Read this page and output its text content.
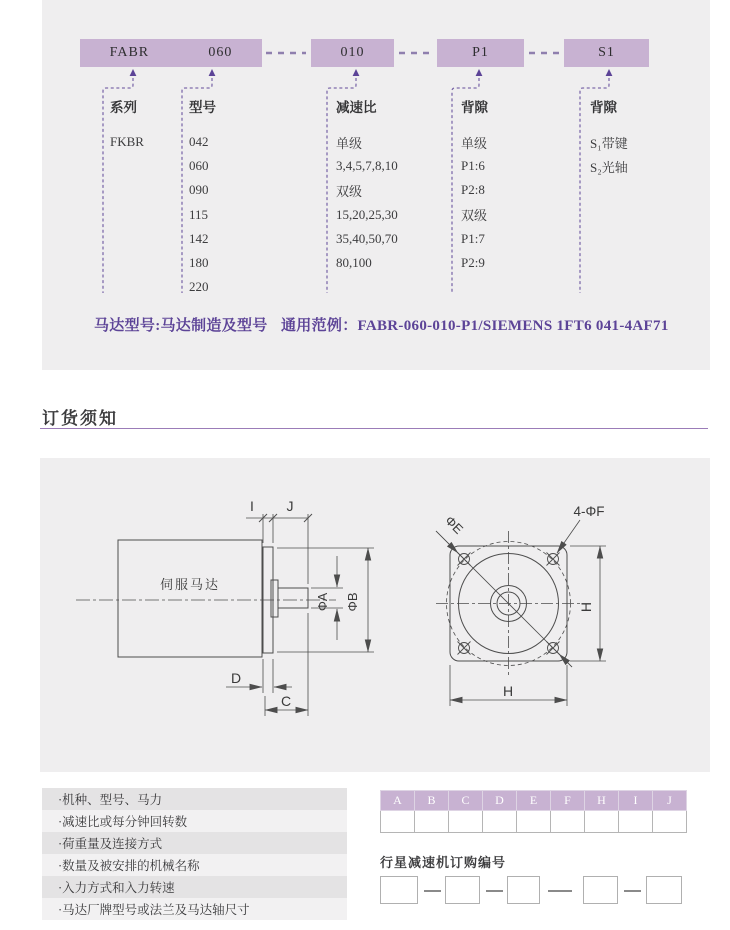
FABR	060	010	P1	S1
系列
FKBR
型号
042
060
090
115
142
180
220
减速比
单级
3,4,5,7,8,10
双级
15,20,25,30
35,40,50,70
80,100
背隙
单级
P1:6
P2:8
双级
P1:7
P2:9
背隙
S₁带键
S₂光轴
马达型号:马达制造及型号 通用范例：FABR-060-010-P1/SIEMENS 1FT6 041-4AF71
订货须知
伺服马达
I J
ΦA ΦB
D
C
ΦE
4-ΦF
H
H
·机种、型号、马力
·减速比或每分钟回转数
·荷重量及连接方式
·数量及被安排的机械名称
·入力方式和入力转速
·马达厂牌型号或法兰及马达轴尺寸
A	B	C	D	E	F	H	I	J

行星减速机订购编号
